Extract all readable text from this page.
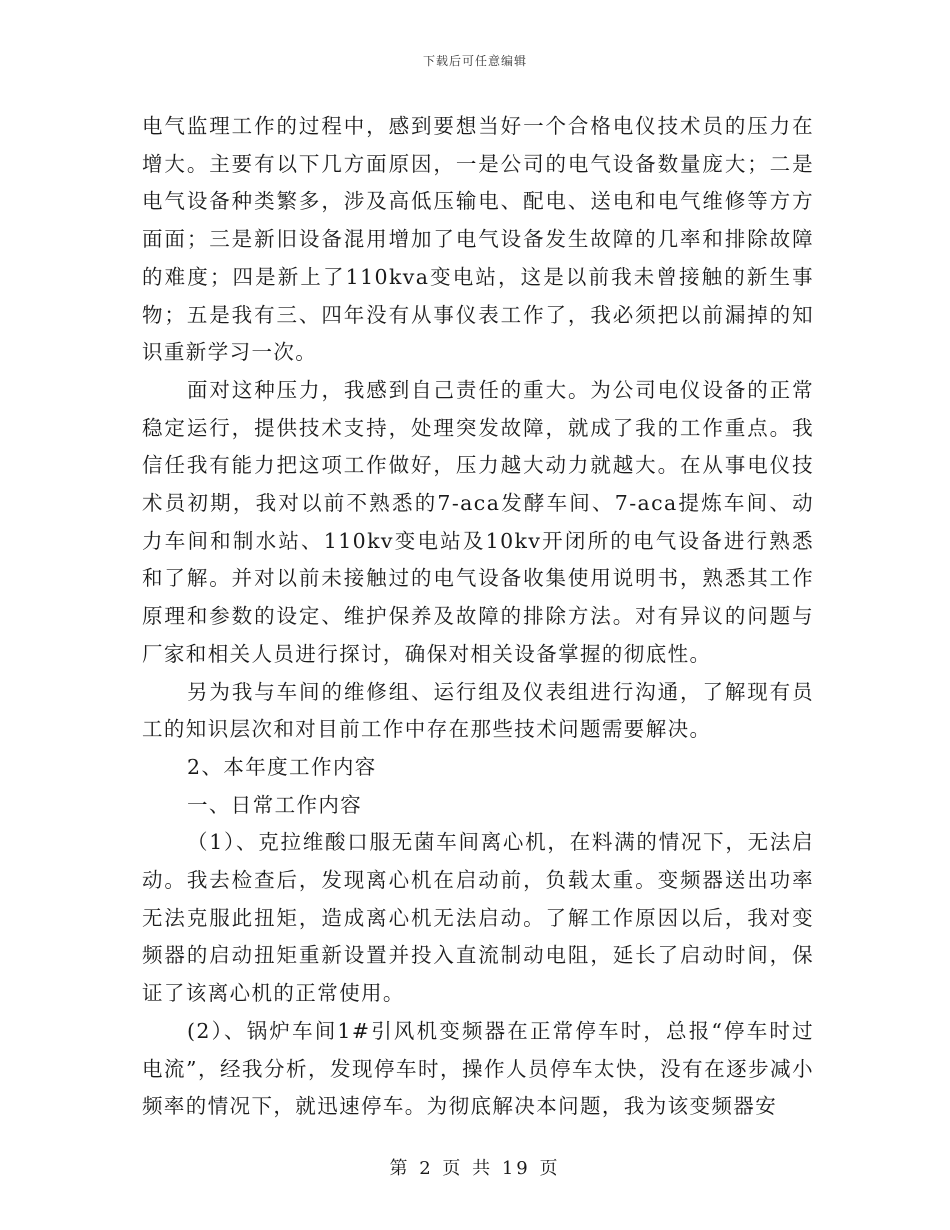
下载后可任意编辑

电气监理工作的过程中，感到要想当好一个合格电仪技术员的压力在增大。主要有以下几方面原因，一是公司的电气设备数量庞大；二是电气设备种类繁多，涉及高低压输电、配电、送电和电气维修等方方面面；三是新旧设备混用增加了电气设备发生故障的几率和排除故障的难度；四是新上了110kva变电站，这是以前我未曾接触的新生事物；五是我有三、四年没有从事仪表工作了，我必须把以前漏掉的知识重新学习一次。

面对这种压力，我感到自己责任的重大。为公司电仪设备的正常稳定运行，提供技术支持，处理突发故障，就成了我的工作重点。我信任我有能力把这项工作做好，压力越大动力就越大。在从事电仪技术员初期，我对以前不熟悉的7-aca发酵车间、7-aca提炼车间、动力车间和制水站、110kv变电站及10kv开闭所的电气设备进行熟悉和了解。并对以前未接触过的电气设备收集使用说明书，熟悉其工作原理和参数的设定、维护保养及故障的排除方法。对有异议的问题与厂家和相关人员进行探讨，确保对相关设备掌握的彻底性。

另为我与车间的维修组、运行组及仪表组进行沟通，了解现有员工的知识层次和对目前工作中存在那些技术问题需要解决。

2、本年度工作内容

一、日常工作内容

（1）、克拉维酸口服无菌车间离心机，在料满的情况下，无法启动。我去检查后，发现离心机在启动前，负载太重。变频器送出功率无法克服此扭矩，造成离心机无法启动。了解工作原因以后，我对变频器的启动扭矩重新设置并投入直流制动电阻，延长了启动时间，保证了该离心机的正常使用。

(2）、锅炉车间1#引风机变频器在正常停车时，总报“停车时过电流”，经我分析，发现停车时，操作人员停车太快，没有在逐步减小频率的情况下，就迅速停车。为彻底解决本问题，我为该变频器安

第 2 页 共 19 页
